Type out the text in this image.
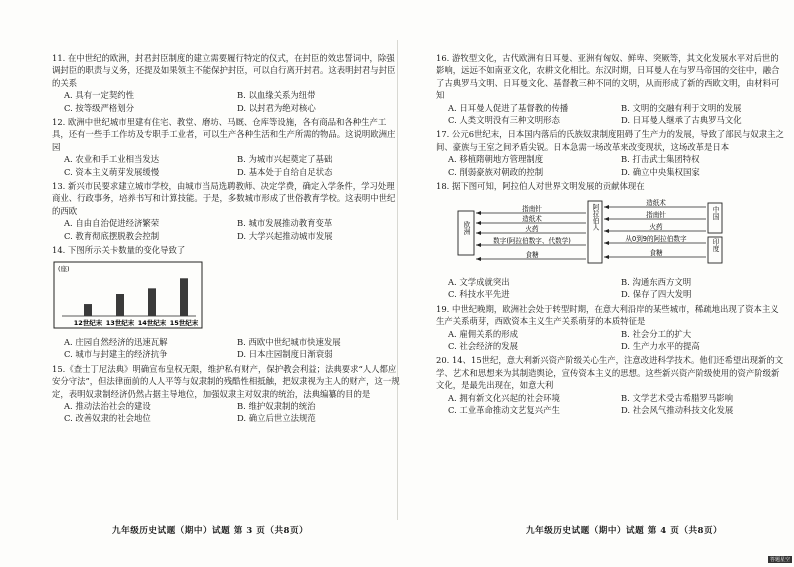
11. 在中世纪的欧洲，封君封臣制度的建立需要履行特定的仪式，在封臣的效忠誓词中，除强调封臣的职责与义务，还提及如果领主不能保护封臣，可以自行离开封君。这表明封君与封臣的关系
A. 具有一定契约性	B. 以血缘关系为纽带
C. 按等级严格划分	D. 以封君为绝对核心
12. 欧洲中世纪城市里建有住宅、教堂、磨坊、马厩、仓库等设施，各有商品和各种生产工具，还有一些手工作坊及专职手工业者，可以生产各种生活和生产所需的物品。这说明欧洲庄园
A. 农业和手工业相当发达	B. 为城市兴起奠定了基础
C. 资本主义萌芽发展缓慢	D. 基本处于自给自足状态
13. 新兴市民要求建立城市学校，由城市当局选聘教师、决定学费，确定入学条件，学习处理商业、行政事务，培养书写和计算技能。于是，多数城市形成了世俗教育学校。这表明中世纪的西欧
A. 自由自治促进经济繁荣	B. 城市发展推动教育变革
C. 教育彻底摆脱教会控制	D. 大学兴起推动城市发展
14. 下图所示关卡数量的变化导致了
(座)
12世纪末 13世纪末 14世纪末 15世纪末
A. 庄园自然经济的迅速瓦解	B. 西欧中世纪城市快速发展
C. 城市与封建主的经济抗争	D. 日本庄园制度日渐衰弱
15.《查士丁尼法典》明确宣布皇权无限，维护私有财产，保护教会利益；法典要求“人人都应安分守法”，但法律面前的人人平等与奴隶制的残酷性相抵触，把奴隶视为主人的财产，这一规定，表明奴隶制经济仍然占据主导地位，加强奴隶主对奴隶的统治，法典编纂的目的是
A. 推动法治社会的建设	B. 维护奴隶制的统治
C. 改善奴隶的社会地位	D. 确立后世立法规范
16. 游牧型文化，古代欧洲有日耳曼、亚洲有匈奴、鲜卑、突厥等，其文化发展水平对后世的影响，远远不如南亚文化，农耕文化相比。东汉时期，日耳曼人在与罗马帝国的交往中，融合了古典罗马文明、日耳曼文化、基督教三种不同的文明，从而形成了新的西欧文明，由材料可知
A. 日耳曼人促进了基督教的传播	B. 文明的交融有利于文明的发展
C. 人类文明没有三种文明形态	D. 日耳曼人继承了古典罗马文化
17. 公元6世纪末，日本国内落后的氏族奴隶制度阻碍了生产力的发展，导致了部民与奴隶主之间、豪族与王室之间矛盾尖锐。日本急需一场改革来改变现状，这场改革是日本
A. 移植隋朝地方管理制度	B. 打击武士集团特权
C. 削弱豪族对朝政的控制	D. 确立中央集权国家
18. 据下图可知，阿拉伯人对世界文明发展的贡献体现在
欧洲	阿拉伯人	中国
印度
指南针
造纸术
火药
数字(阿拉伯数字、代数学)
食糖
造纸术
指南针
火药
从0到9的阿拉伯数字
食糖
A. 文学成就突出	B. 沟通东西方文明
C. 科技水平先进	D. 保存了四大发明
19. 中世纪晚期，欧洲社会处于转型时期，在意大利沿岸的某些城市，稀疏地出现了资本主义生产关系萌芽，西欧资本主义生产关系萌芽的本质特征是
A. 雇佣关系的形成	B. 社会分工的扩大
C. 社会经济的发展	D. 生产力水平的提高
20. 14、15世纪，意大利新兴资产阶级关心生产，注意改进科学技术。他们还希望出现新的文学、艺术和思想来为其制造舆论，宣传资本主义的思想。这些新兴资产阶级使用的资产阶级新文化，是最先出现在，如意大利
A. 拥有新文化兴起的社会环境	B. 文学艺术受古希腊罗马影响
C. 工业革命推动文艺复兴产生	D. 社会风气推动科技文化发展
九年级历史试题（期中）试题 第 3 页（共8页）	九年级历史试题（期中）试题 第 4 页（共8页）
答题星空
